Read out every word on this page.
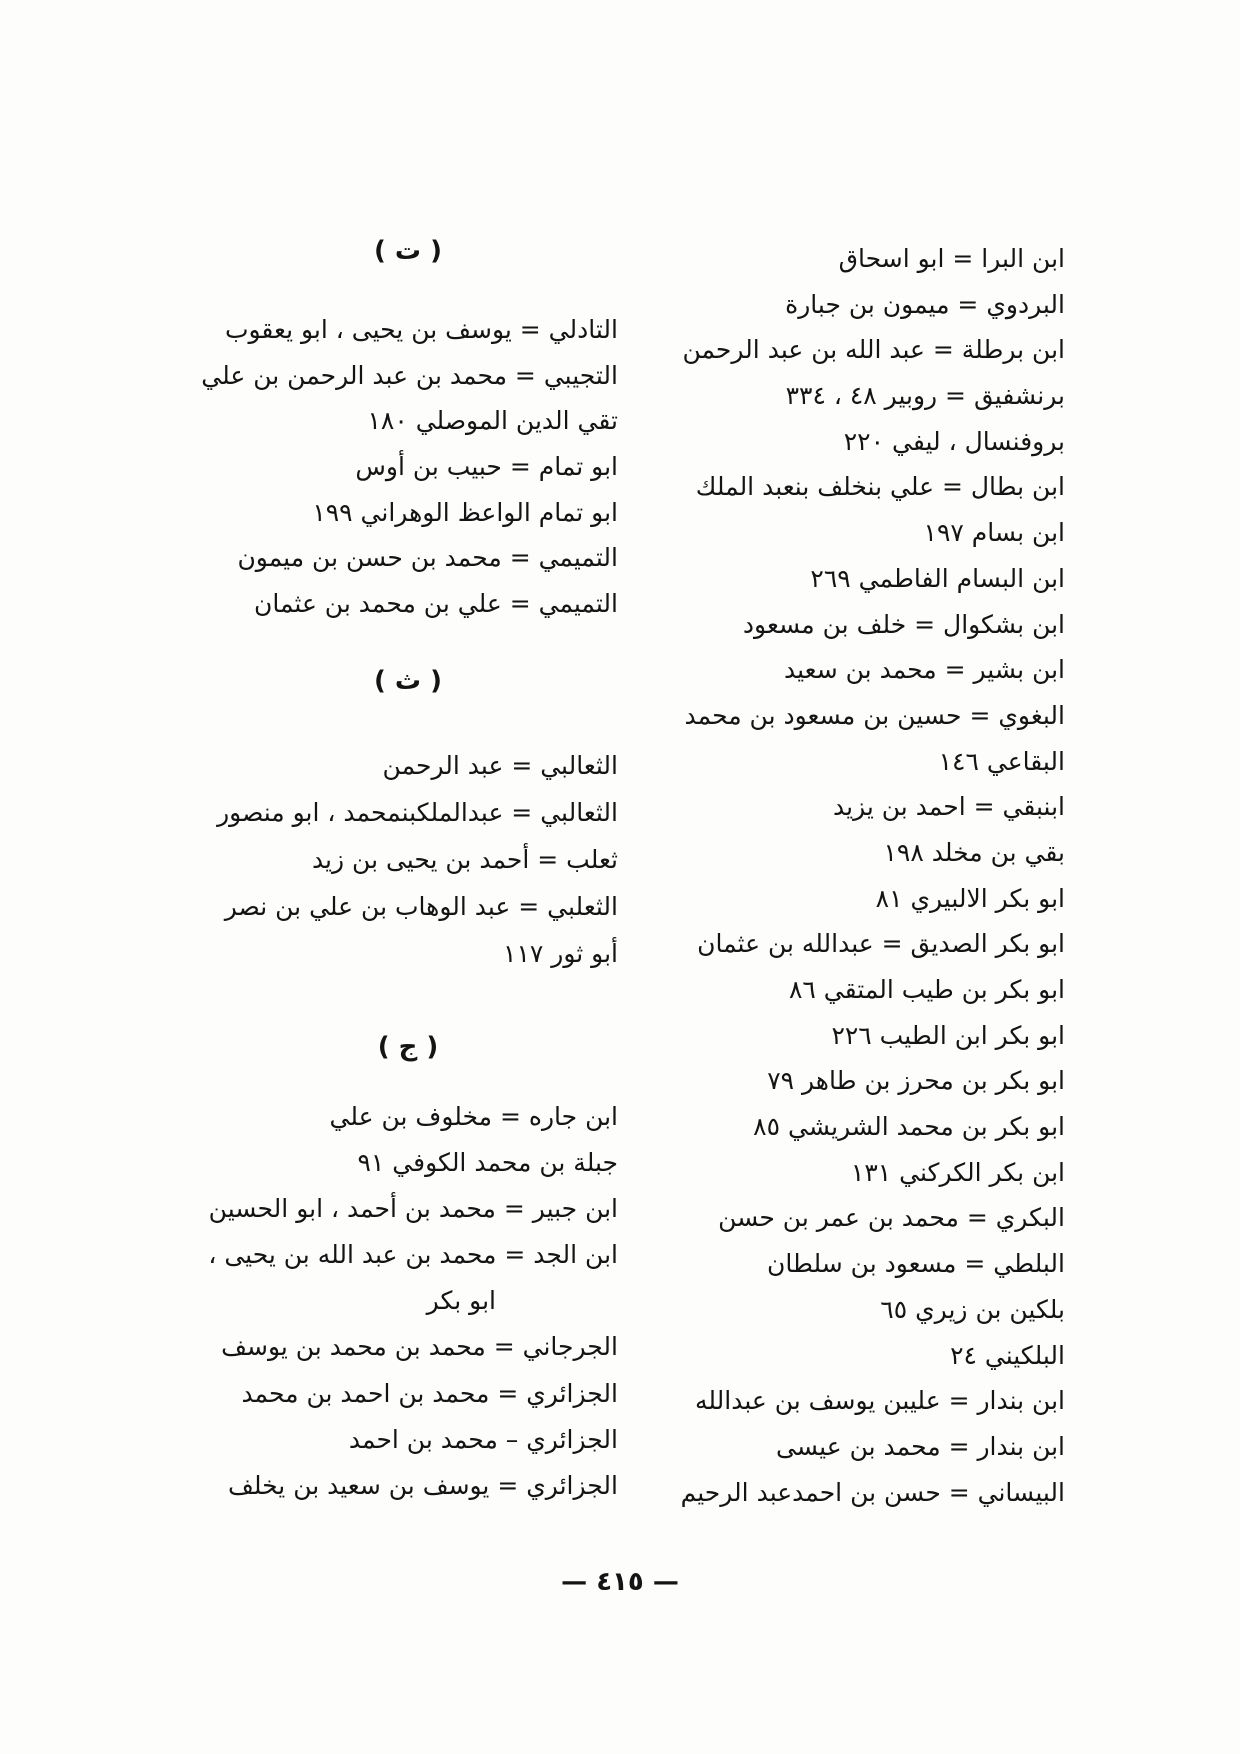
ابن البرا = ابو اسحاق
البردوي = ميمون بن جبارة
ابن برطلة = عبد الله بن عبد الرحمن
برنشفيق = روبير ٤٨ ، ٣٣٤
بروفنسال ، ليفي ٢٢٠
ابن بطال = علي بنخلف بنعبد الملك
ابن بسام ١٩٧
ابن البسام الفاطمي ٢٦٩
ابن بشكوال = خلف بن مسعود
ابن بشير = محمد بن سعيد
البغوي = حسين بن مسعود بن محمد
البقاعي ١٤٦
ابنبقي = احمد بن يزيد
بقي بن مخلد ١٩٨
ابو بكر الالبيري ٨١
ابو بكر الصديق = عبدالله بن عثمان
ابو بكر بن طيب المتقي ٨٦
ابو بكر ابن الطيب ٢٢٦
ابو بكر بن محرز بن طاهر ٧٩
ابو بكر بن محمد الشريشي ٨٥
ابن بكر الكركني ١٣١
البكري = محمد بن عمر بن حسن
البلطي = مسعود بن سلطان
بلكين بن زيري ٦٥
البلكيني ٢٤
ابن بندار = عليبن يوسف بن عبدالله
ابن بندار = محمد بن عيسى
البيساني = حسن بن احمدعبد الرحيم
( ت )
التادلي = يوسف بن يحيى ، ابو يعقوب
التجيبي = محمد بن عبد الرحمن بن علي
تقي الدين الموصلي ١٨٠
ابو تمام = حبيب بن أوس
ابو تمام الواعظ الوهراني ١٩٩
التميمي = محمد بن حسن بن ميمون
التميمي = علي بن محمد بن عثمان
( ث )
الثعالبي = عبد الرحمن
الثعالبي = عبدالملكبنمحمد ، ابو منصور
ثعلب = أحمد بن يحيى بن زيد
الثعلبي = عبد الوهاب بن علي بن نصر
أبو ثور ١١٧
( ج )
ابن جاره = مخلوف بن علي
جبلة بن محمد الكوفي ٩١
ابن جبير = محمد بن أحمد ، ابو الحسين
ابن الجد = محمد بن عبد الله بن يحيى ،
ابو بكر
الجرجاني = محمد بن محمد بن يوسف
الجزائري = محمد بن احمد بن محمد
الجزائري – محمد بن احمد
الجزائري = يوسف بن سعيد بن يخلف
— ٤١٥ —
